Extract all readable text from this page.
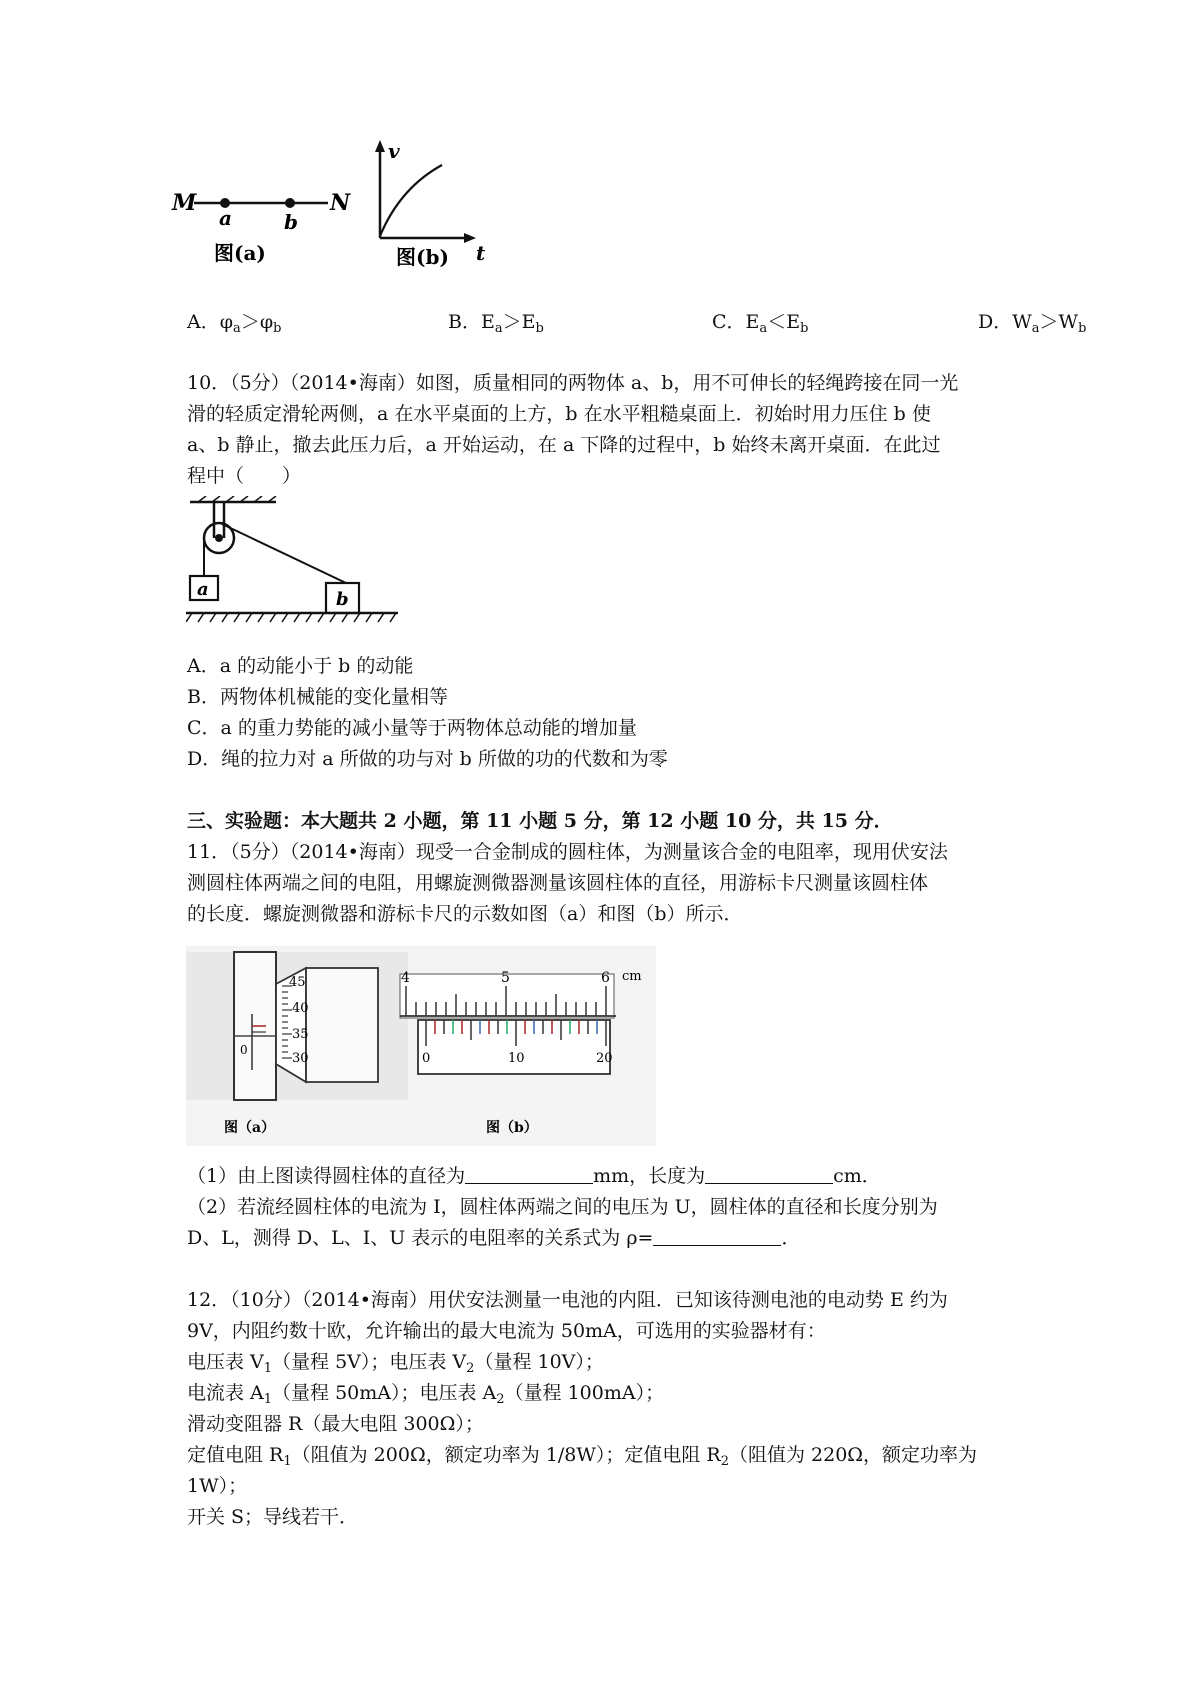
M
a	b
N
图(a)
v
t
图(b)
A．$\varphi_a>\varphi_b$	B．$E_a>E_b$	C．$E_a<E_b$	D．$W_a>W_b$
10．（5分）（2014•海南）如图，质量相同的两物体 a、b，用不可伸长的轻绳跨接在同一光
滑的轻质定滑轮两侧，a 在水平桌面的上方，b 在水平粗糙桌面上．初始时用力压住 b 使
a、b 静止，撤去此压力后，a 开始运动，在 a 下降的过程中，b 始终未离开桌面．在此过
程中（　　）
a	b
A．a 的动能小于 b 的动能
B．两物体机械能的变化量相等
C．a 的重力势能的减小量等于两物体总动能的增加量
D．绳的拉力对 a 所做的功与对 b 所做的功的代数和为零
三、实验题：本大题共 2 小题，第 11 小题 5 分，第 12 小题 10 分，共 15 分．
11．（5分）（2014•海南）现受一合金制成的圆柱体，为测量该合金的电阻率，现用伏安法
测圆柱体两端之间的电阻，用螺旋测微器测量该圆柱体的直径，用游标卡尺测量该圆柱体
的长度．螺旋测微器和游标卡尺的示数如图（a）和图（b）所示．
45
40
35
30
0
图（a）
4	5	6 cm
0	10	20
图（b）
（1）由上图读得圆柱体的直径为	mm，长度为	cm．
（2）若流经圆柱体的电流为 I，圆柱体两端之间的电压为 U，圆柱体的直径和长度分别为
D、L，测得 D、L、I、U 表示的电阻率的关系式为 ρ=	．
12．（10分）（2014•海南）用伏安法测量一电池的内阻．已知该待测电池的电动势 E 约为
9V，内阻约数十欧，允许输出的最大电流为 50mA，可选用的实验器材有：
电压表 $V_1$（量程 5V）；电压表 $V_2$（量程 10V）；
电流表 $A_1$（量程 50mA）；电压表 $A_2$（量程 100mA）；
滑动变阻器 R（最大电阻 300Ω）；
定值电阻 $R_1$（阻值为 200Ω，额定功率为 1/8W）；定值电阻 $R_2$（阻值为 220Ω，额定功率为
1W）；
开关 S；导线若干．
